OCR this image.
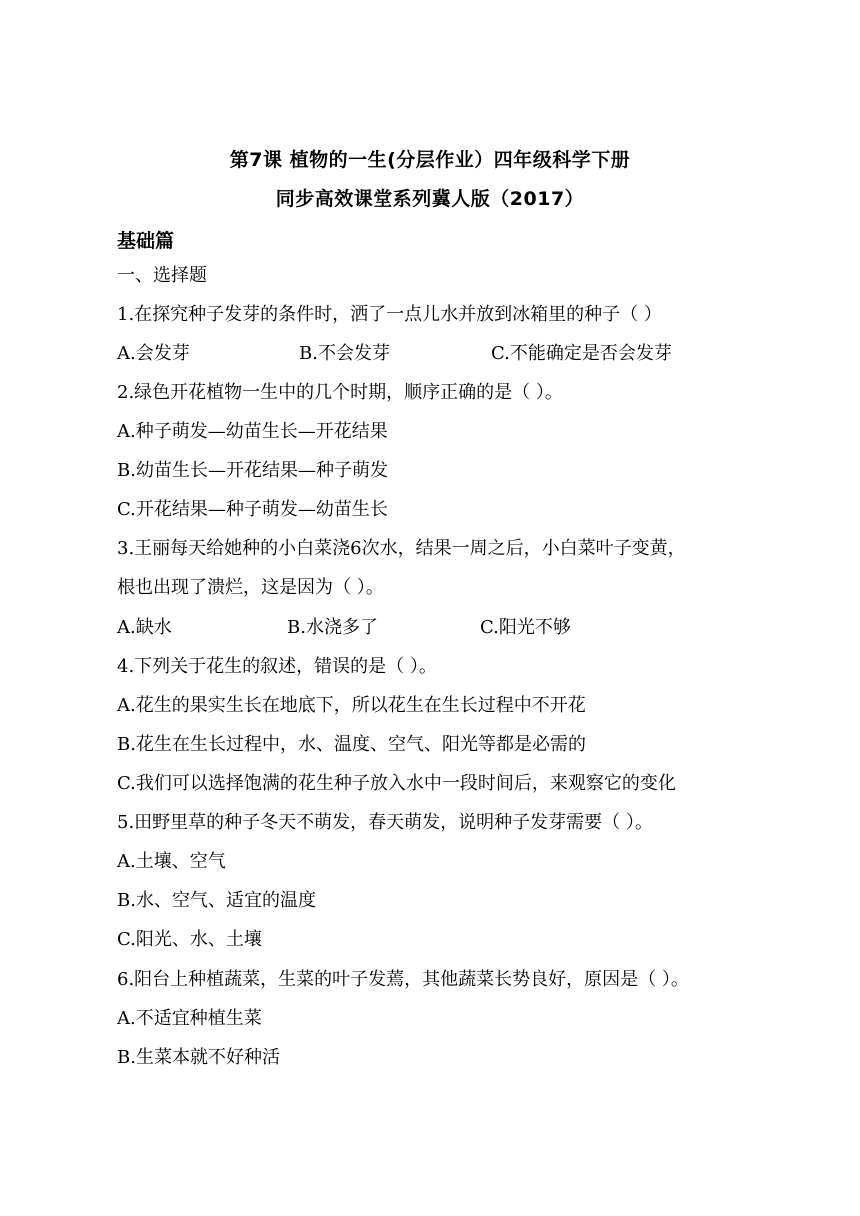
第7课 植物的一生(分层作业）四年级科学下册
同步高效课堂系列冀人版（2017）
基础篇
一、选择题
1.在探究种子发芽的条件时，洒了一点儿水并放到冰箱里的种子（ ）
A.会发芽	B.不会发芽	C.不能确定是否会发芽
2.绿色开花植物一生中的几个时期，顺序正确的是（ ）。
A.种子萌发—幼苗生长—开花结果
B.幼苗生长—开花结果—种子萌发
C.开花结果—种子萌发—幼苗生长
3.王丽每天给她种的小白菜浇6次水，结果一周之后，小白菜叶子变黄，
根也出现了溃烂，这是因为（ ）。
A.缺水	B.水浇多了	C.阳光不够
4.下列关于花生的叙述，错误的是（ ）。
A.花生的果实生长在地底下，所以花生在生长过程中不开花
B.花生在生长过程中，水、温度、空气、阳光等都是必需的
C.我们可以选择饱满的花生种子放入水中一段时间后，来观察它的变化
5.田野里草的种子冬天不萌发，春天萌发，说明种子发芽需要（ ）。
A.土壤、空气
B.水、空气、适宜的温度
C.阳光、水、土壤
6.阳台上种植蔬菜，生菜的叶子发蔫，其他蔬菜长势良好，原因是（ ）。
A.不适宜种植生菜
B.生菜本就不好种活
